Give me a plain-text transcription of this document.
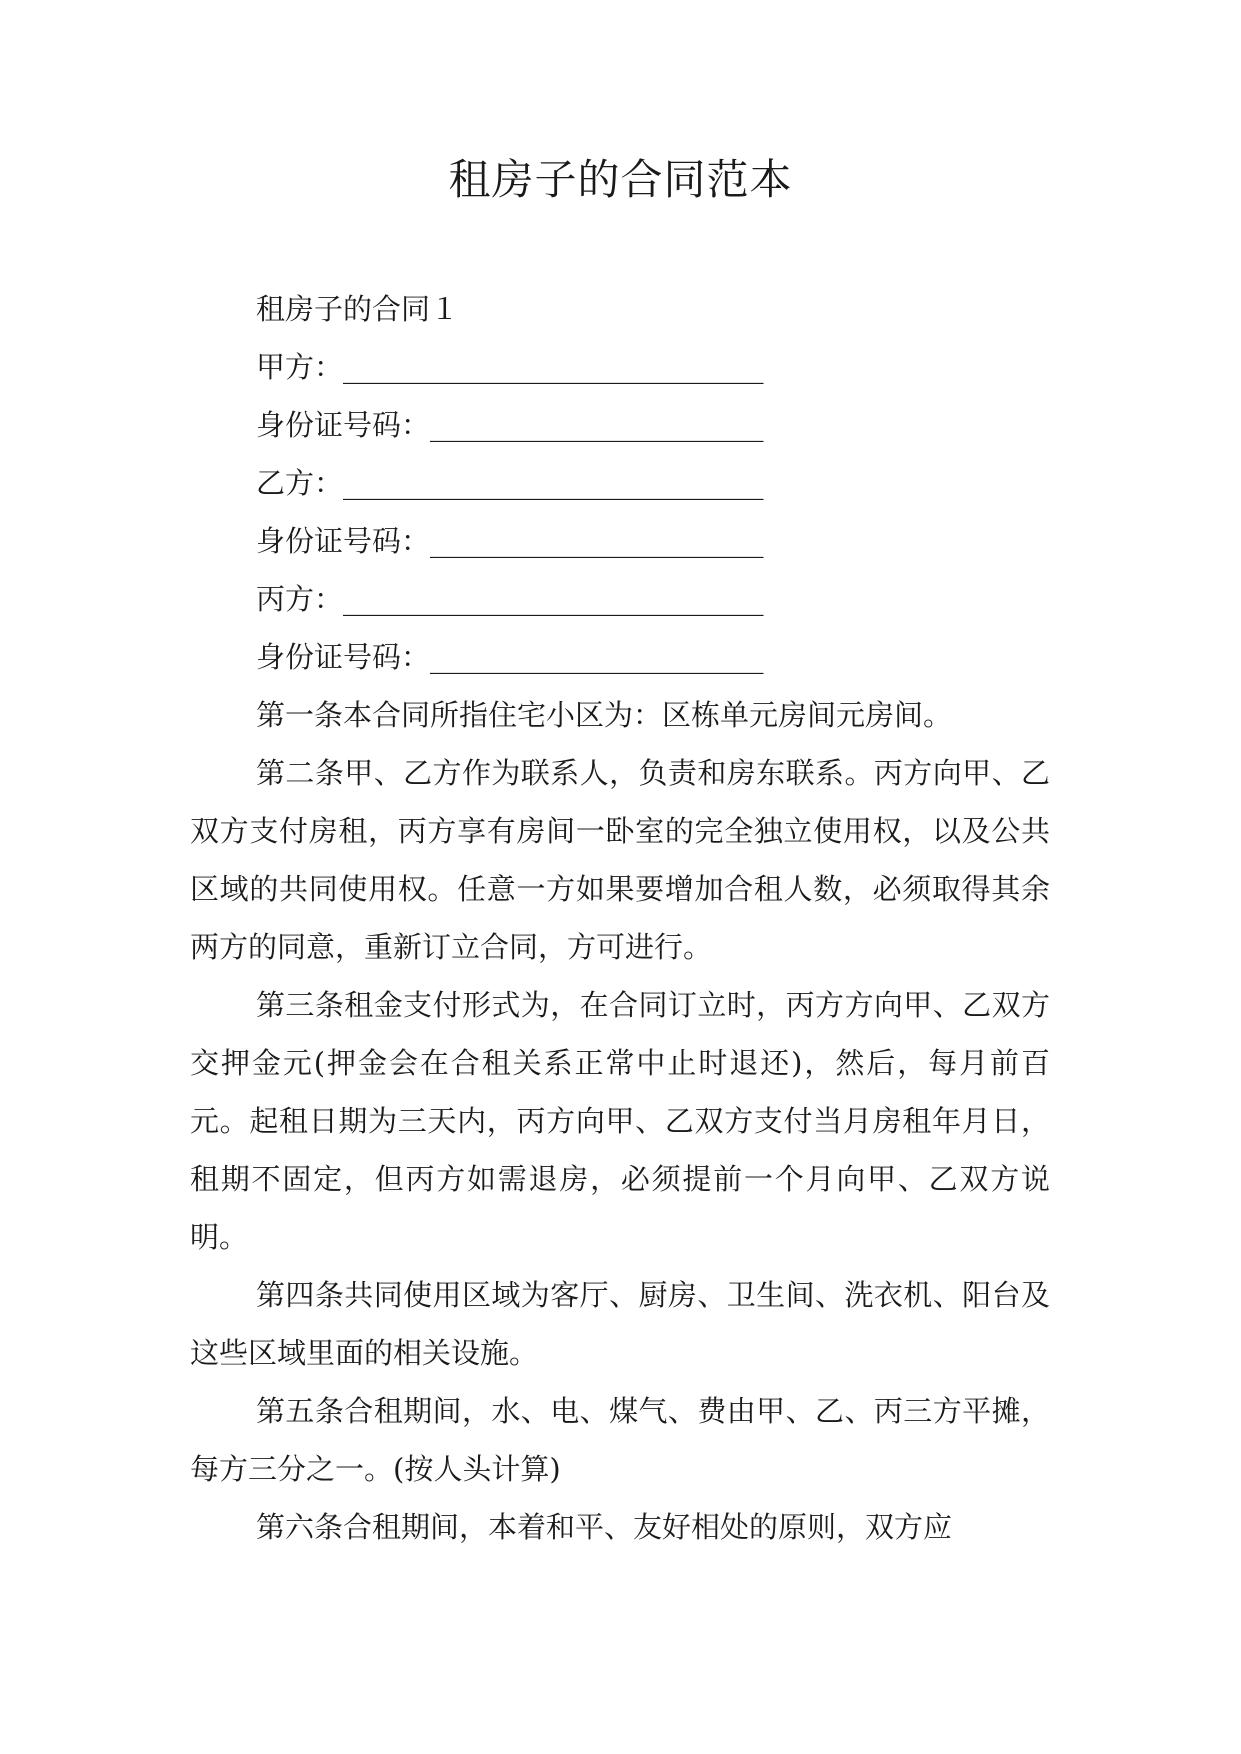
租房子的合同范本

租房子的合同１

甲方：_____________________________

身份证号码：_______________________

乙方：_____________________________

身份证号码：_______________________

丙方：_____________________________

身份证号码：_______________________

第一条本合同所指住宅小区为：区栋单元房间元房间。

第二条甲、乙方作为联系人，负责和房东联系。丙方向甲、乙双方支付房租，丙方享有房间一卧室的完全独立使用权，以及公共区域的共同使用权。任意一方如果要增加合租人数，必须取得其余两方的同意，重新订立合同，方可进行。

第三条租金支付形式为，在合同订立时，丙方方向甲、乙双方交押金元(押金会在合租关系正常中止时退还)，然后，每月前百元。起租日期为三天内，丙方向甲、乙双方支付当月房租年月日，租期不固定，但丙方如需退房，必须提前一个月向甲、乙双方说明。

第四条共同使用区域为客厅、厨房、卫生间、洗衣机、阳台及这些区域里面的相关设施。

第五条合租期间，水、电、煤气、费由甲、乙、丙三方平摊，每方三分之一。(按人头计算)

第六条合租期间，本着和平、友好相处的原则，双方应
